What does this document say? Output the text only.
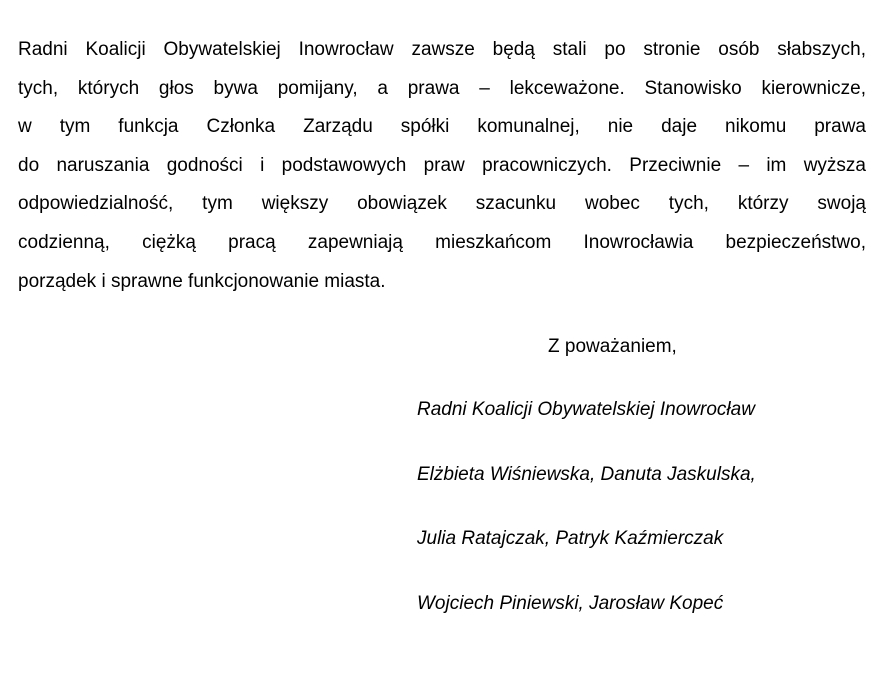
Radni Koalicji Obywatelskiej Inowrocław zawsze będą stali po stronie osób słabszych,
tych, których głos bywa pomijany, a prawa – lekceważone. Stanowisko kierownicze,
w tym funkcja Członka Zarządu spółki komunalnej, nie daje nikomu prawa
do naruszania godności i podstawowych praw pracowniczych. Przeciwnie – im wyższa
odpowiedzialność, tym większy obowiązek szacunku wobec tych, którzy swoją
codzienną, ciężką pracą zapewniają mieszkańcom Inowrocławia bezpieczeństwo,
porządek i sprawne funkcjonowanie miasta.
Z poważaniem,
Radni Koalicji Obywatelskiej Inowrocław
Elżbieta Wiśniewska, Danuta Jaskulska,
Julia Ratajczak, Patryk Kaźmierczak
Wojciech Piniewski, Jarosław Kopeć
